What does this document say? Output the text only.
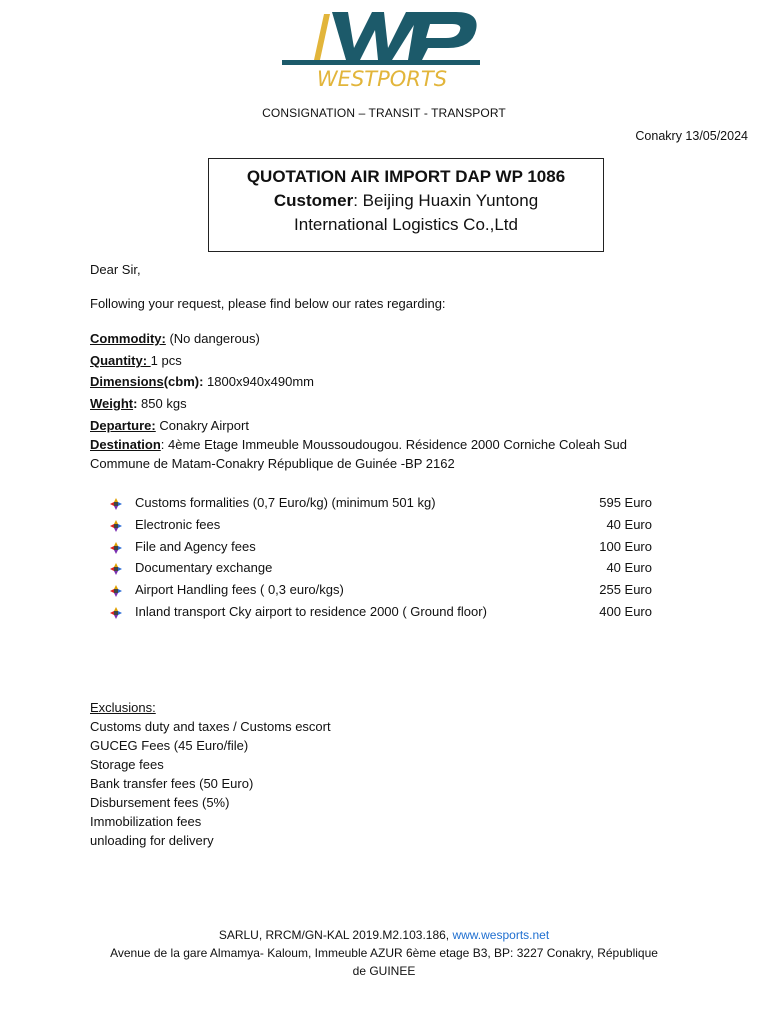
WESTPORTS
CONSIGNATION – TRANSIT - TRANSPORT
Conakry 13/05/2024
QUOTATION AIR IMPORT DAP WP 1086
Customer: Beijing Huaxin Yuntong
International Logistics Co.,Ltd
Dear Sir,
Following your request, please find below our rates regarding:
Commodity: (No dangerous)
Quantity: 1 pcs
Dimensions(cbm): 1800x940x490mm
Weight: 850 kgs
Departure: Conakry Airport
Destination: 4ème Etage Immeuble Moussoudougou. Résidence 2000 Corniche Coleah Sud
Commune de Matam-Conakry République de Guinée -BP 2162
Customs formalities (0,7 Euro/kg) (minimum 501 kg)	595 Euro
Electronic fees	40 Euro
File and Agency fees	100 Euro
Documentary exchange	40 Euro
Airport Handling fees ( 0,3 euro/kgs)	255 Euro
Inland transport Cky airport to residence 2000 ( Ground floor)	400 Euro
Exclusions:
Customs duty and taxes / Customs escort
GUCEG Fees (45 Euro/file)
Storage fees
Bank transfer fees (50 Euro)
Disbursement fees (5%)
Immobilization fees
unloading for delivery
SARLU, RRCM/GN-KAL 2019.M2.103.186, www.wesports.net
Avenue de la gare Almamya- Kaloum, Immeuble AZUR 6ème etage B3, BP: 3227 Conakry, République
de GUINEE
